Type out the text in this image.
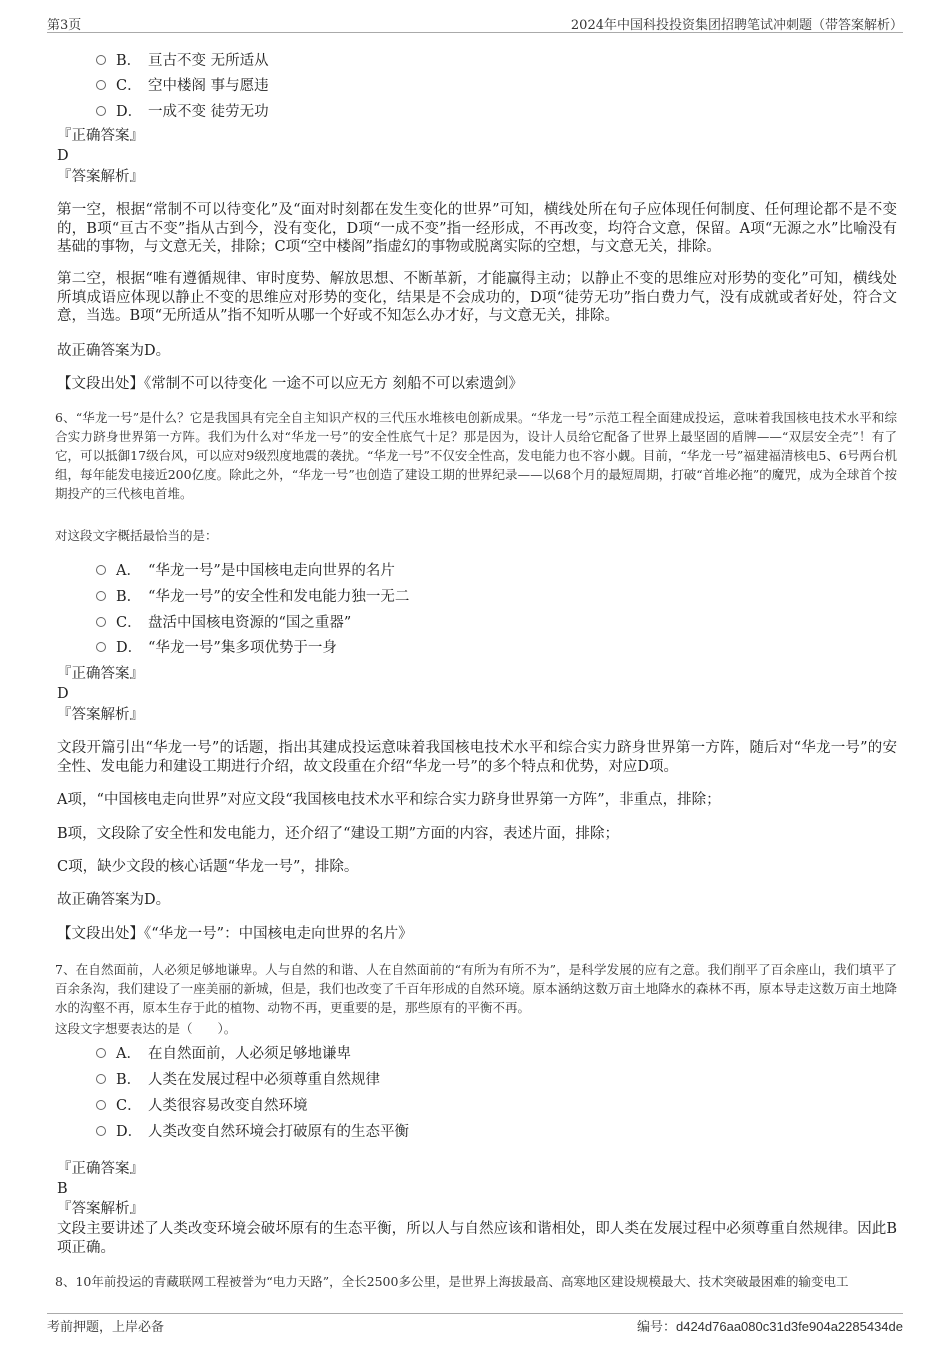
第3页	2024年中国科投投资集团招聘笔试冲刺题（带答案解析）
B． 亘古不变 无所适从
C． 空中楼阁 事与愿违
D． 一成不变 徒劳无功
『正确答案』
D
『答案解析』
第一空，根据“常制不可以待变化”及“面对时刻都在发生变化的世界”可知，横线处所在句子应体现任何制度、任何理论都不是不变的，B项“亘古不变”指从古到今，没有变化，D项“一成不变”指一经形成，不再改变，均符合文意，保留。A项“无源之水”比喻没有基础的事物，与文意无关，排除；C项“空中楼阁”指虚幻的事物或脱离实际的空想，与文意无关，排除。
第二空，根据“唯有遵循规律、审时度势、解放思想、不断革新，才能赢得主动；以静止不变的思维应对形势的变化”可知，横线处所填成语应体现以静止不变的思维应对形势的变化，结果是不会成功的，D项“徒劳无功”指白费力气，没有成就或者好处，符合文意，当选。B项“无所适从”指不知听从哪一个好或不知怎么办才好，与文意无关，排除。
故正确答案为D。
【文段出处】《常制不可以待变化 一途不可以应无方 刻船不可以索遗剑》
6、“华龙一号”是什么？它是我国具有完全自主知识产权的三代压水堆核电创新成果。“华龙一号”示范工程全面建成投运，意味着我国核电技术水平和综合实力跻身世界第一方阵。我们为什么对“华龙一号”的安全性底气十足？那是因为，设计人员给它配备了世界上最坚固的盾牌——“双层安全壳”！有了它，可以抵御17级台风，可以应对9级烈度地震的袭扰。“华龙一号”不仅安全性高，发电能力也不容小觑。目前，“华龙一号”福建福清核电5、6号两台机组，每年能发电接近200亿度。除此之外，“华龙一号”也创造了建设工期的世界纪录——以68个月的最短周期，打破“首堆必拖”的魔咒，成为全球首个按期投产的三代核电首堆。
对这段文字概括最恰当的是：
A． “华龙一号”是中国核电走向世界的名片
B． “华龙一号”的安全性和发电能力独一无二
C． 盘活中国核电资源的“国之重器”
D． “华龙一号”集多项优势于一身
『正确答案』
D
『答案解析』
文段开篇引出“华龙一号”的话题，指出其建成投运意味着我国核电技术水平和综合实力跻身世界第一方阵，随后对“华龙一号”的安全性、发电能力和建设工期进行介绍，故文段重在介绍“华龙一号”的多个特点和优势，对应D项。
A项，“中国核电走向世界”对应文段“我国核电技术水平和综合实力跻身世界第一方阵”，非重点，排除；
B项，文段除了安全性和发电能力，还介绍了“建设工期”方面的内容，表述片面，排除；
C项，缺少文段的核心话题“华龙一号”，排除。
故正确答案为D。
【文段出处】《“华龙一号”：中国核电走向世界的名片》
7、在自然面前，人必须足够地谦卑。人与自然的和谐、人在自然面前的“有所为有所不为”，是科学发展的应有之意。我们削平了百余座山，我们填平了百余条沟，我们建设了一座美丽的新城，但是，我们也改变了千百年形成的自然环境。原本涵纳这数万亩土地降水的森林不再，原本导走这数万亩土地降水的沟壑不再，原本生存于此的植物、动物不再，更重要的是，那些原有的平衡不再。
这段文字想要表达的是（　　）。
A． 在自然面前，人必须足够地谦卑
B． 人类在发展过程中必须尊重自然规律
C． 人类很容易改变自然环境
D． 人类改变自然环境会打破原有的生态平衡
『正确答案』
B
『答案解析』
文段主要讲述了人类改变环境会破坏原有的生态平衡，所以人与自然应该和谐相处，即人类在发展过程中必须尊重自然规律。因此B项正确。
8、10年前投运的青藏联网工程被誉为“电力天路”，全长2500多公里，是世界上海拔最高、高寒地区建设规模最大、技术突破最困难的输变电工
考前押题，上岸必备	编号：d424d76aa080c31d3fe904a2285434de
